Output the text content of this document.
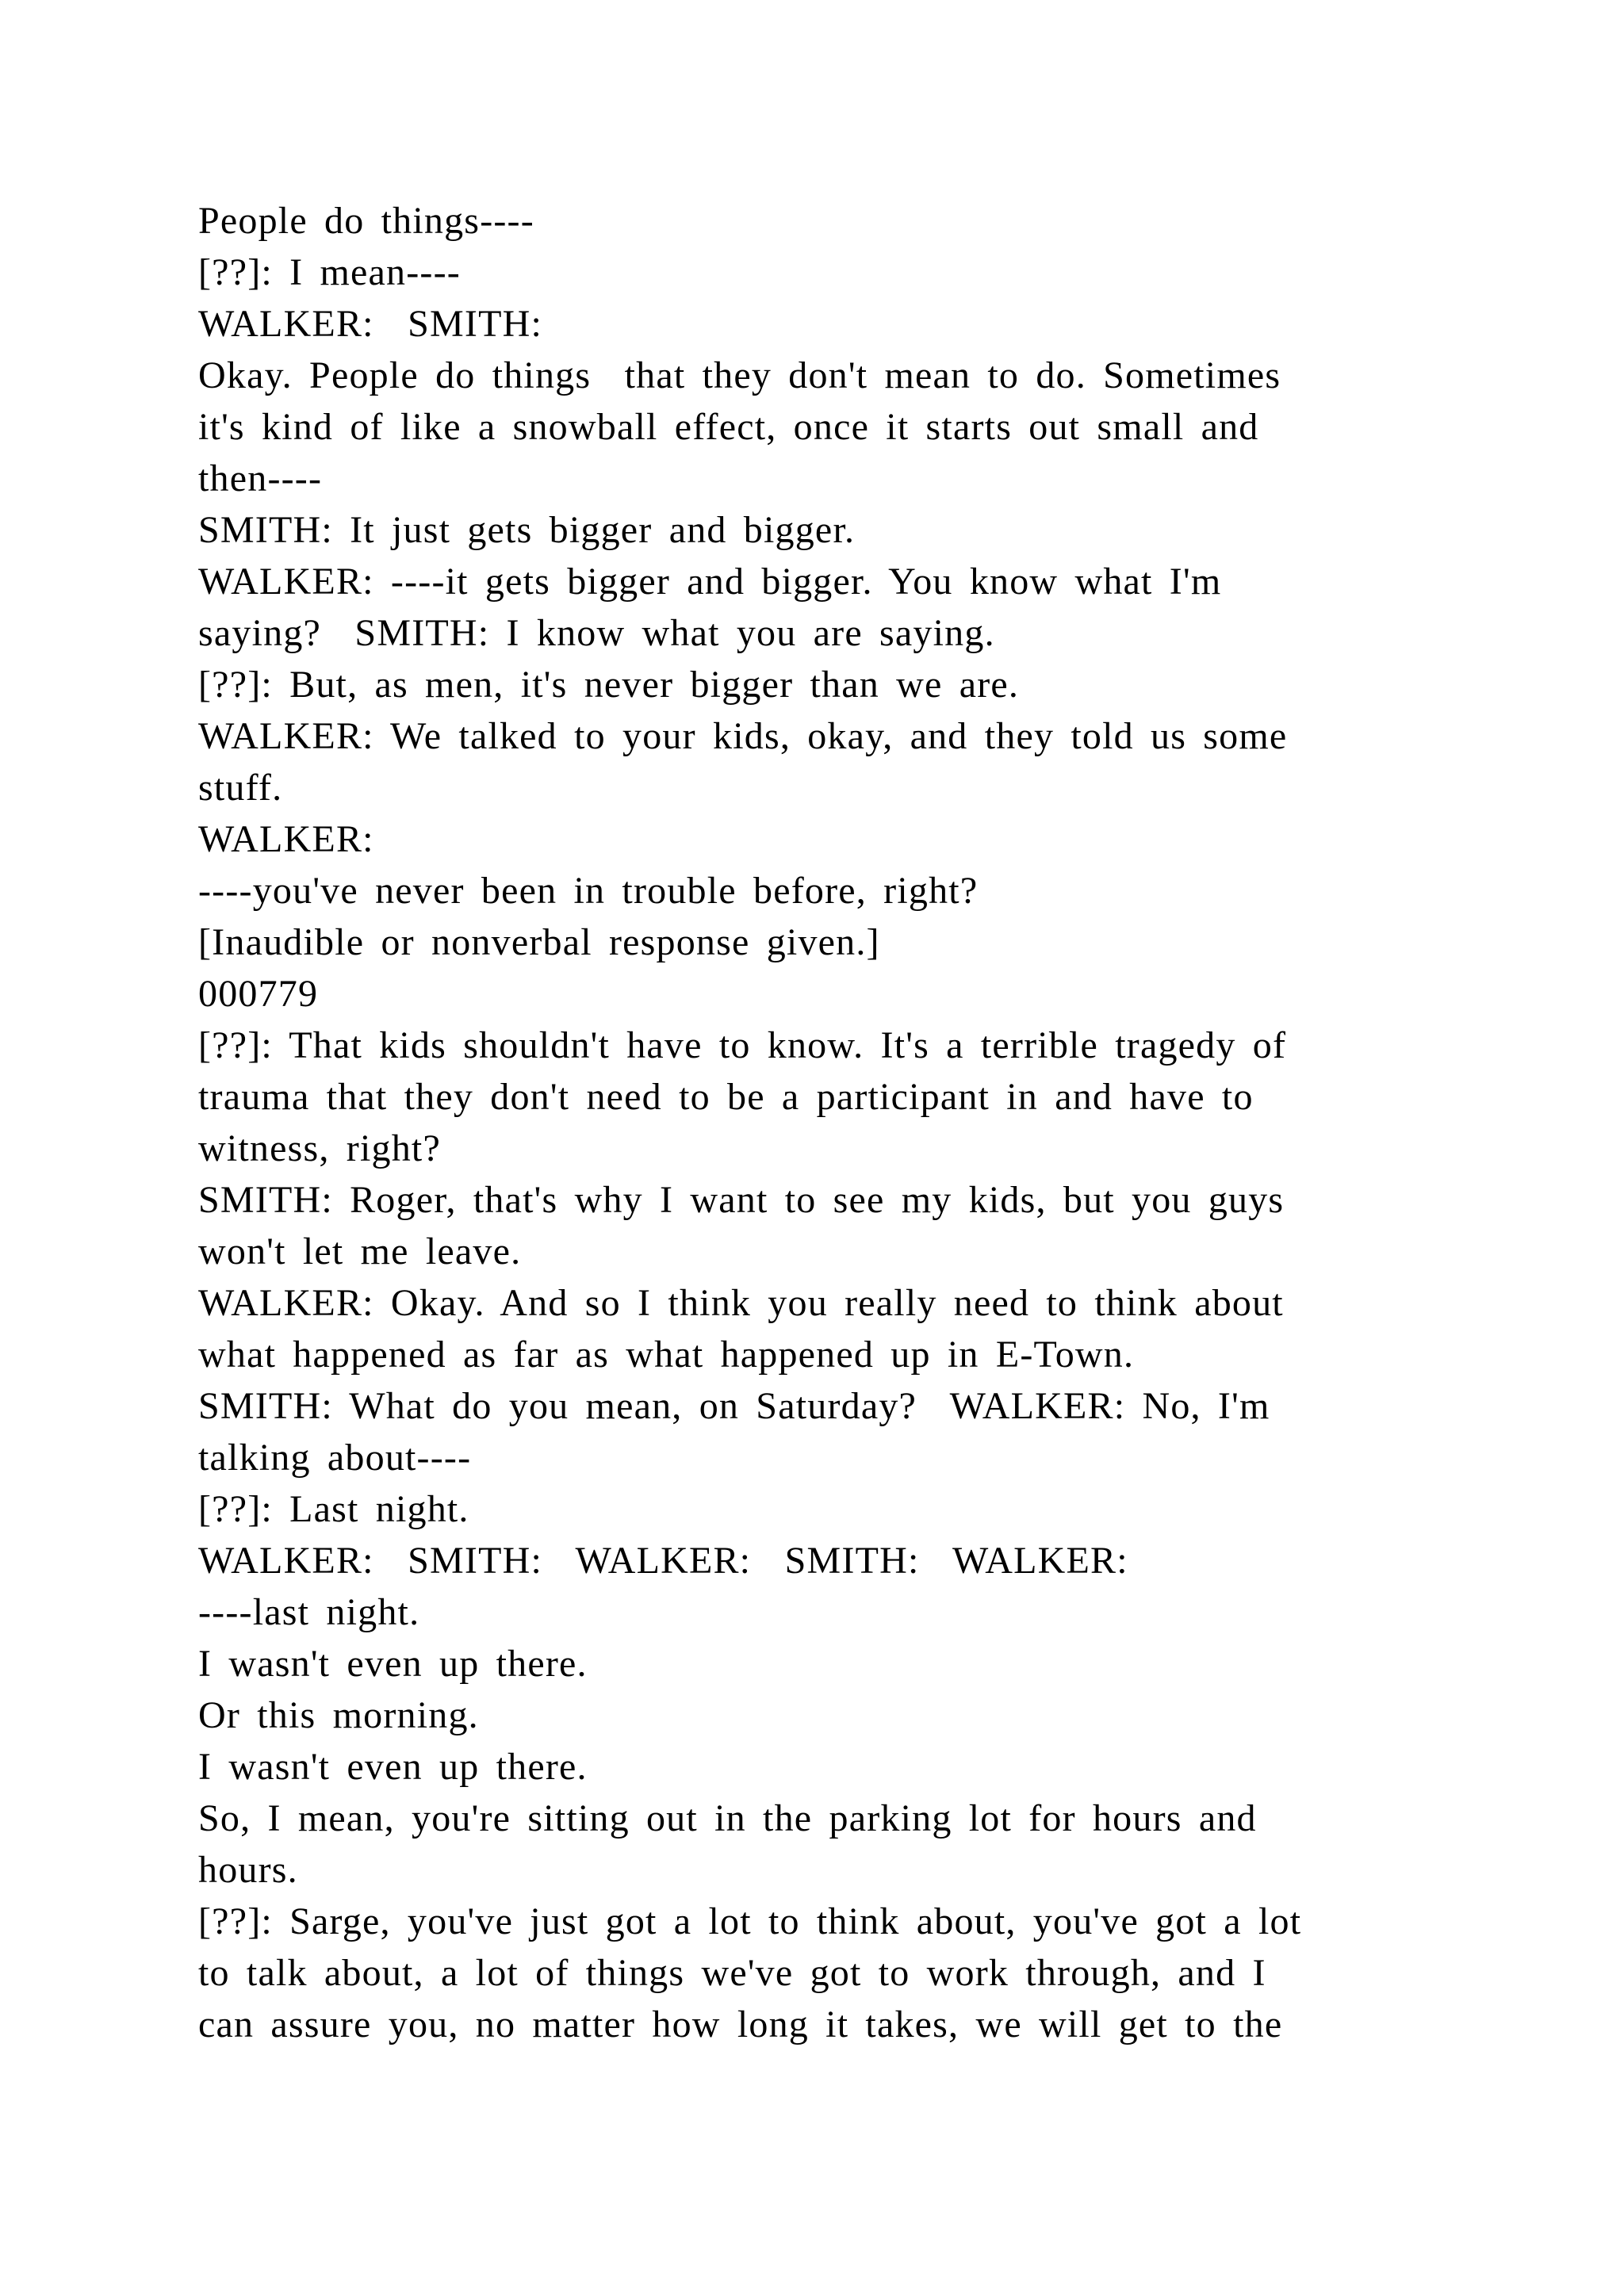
People do things----
[??]: I mean----
WALKER:  SMITH:
Okay. People do things  that they don't mean to do. Sometimes
it's kind of like a snowball effect, once it starts out small and
then----
SMITH: It just gets bigger and bigger.
WALKER: ----it gets bigger and bigger. You know what I'm
saying?  SMITH: I know what you are saying.
[??]: But, as men, it's never bigger than we are.
WALKER: We talked to your kids, okay, and they told us some
stuff.
WALKER:
----you've never been in trouble before, right?
[Inaudible or nonverbal response given.]
000779
[??]: That kids shouldn't have to know. It's a terrible tragedy of
trauma that they don't need to be a participant in and have to
witness, right?
SMITH: Roger, that's why I want to see my kids, but you guys
won't let me leave.
WALKER: Okay. And so I think you really need to think about
what happened as far as what happened up in E-Town.
SMITH: What do you mean, on Saturday?  WALKER: No, I'm
talking about----
[??]: Last night.
WALKER:  SMITH:  WALKER:  SMITH:  WALKER:
----last night.
I wasn't even up there.
Or this morning.
I wasn't even up there.
So, I mean, you're sitting out in the parking lot for hours and
hours.
[??]: Sarge, you've just got a lot to think about, you've got a lot
to talk about, a lot of things we've got to work through, and I
can assure you, no matter how long it takes, we will get to the
